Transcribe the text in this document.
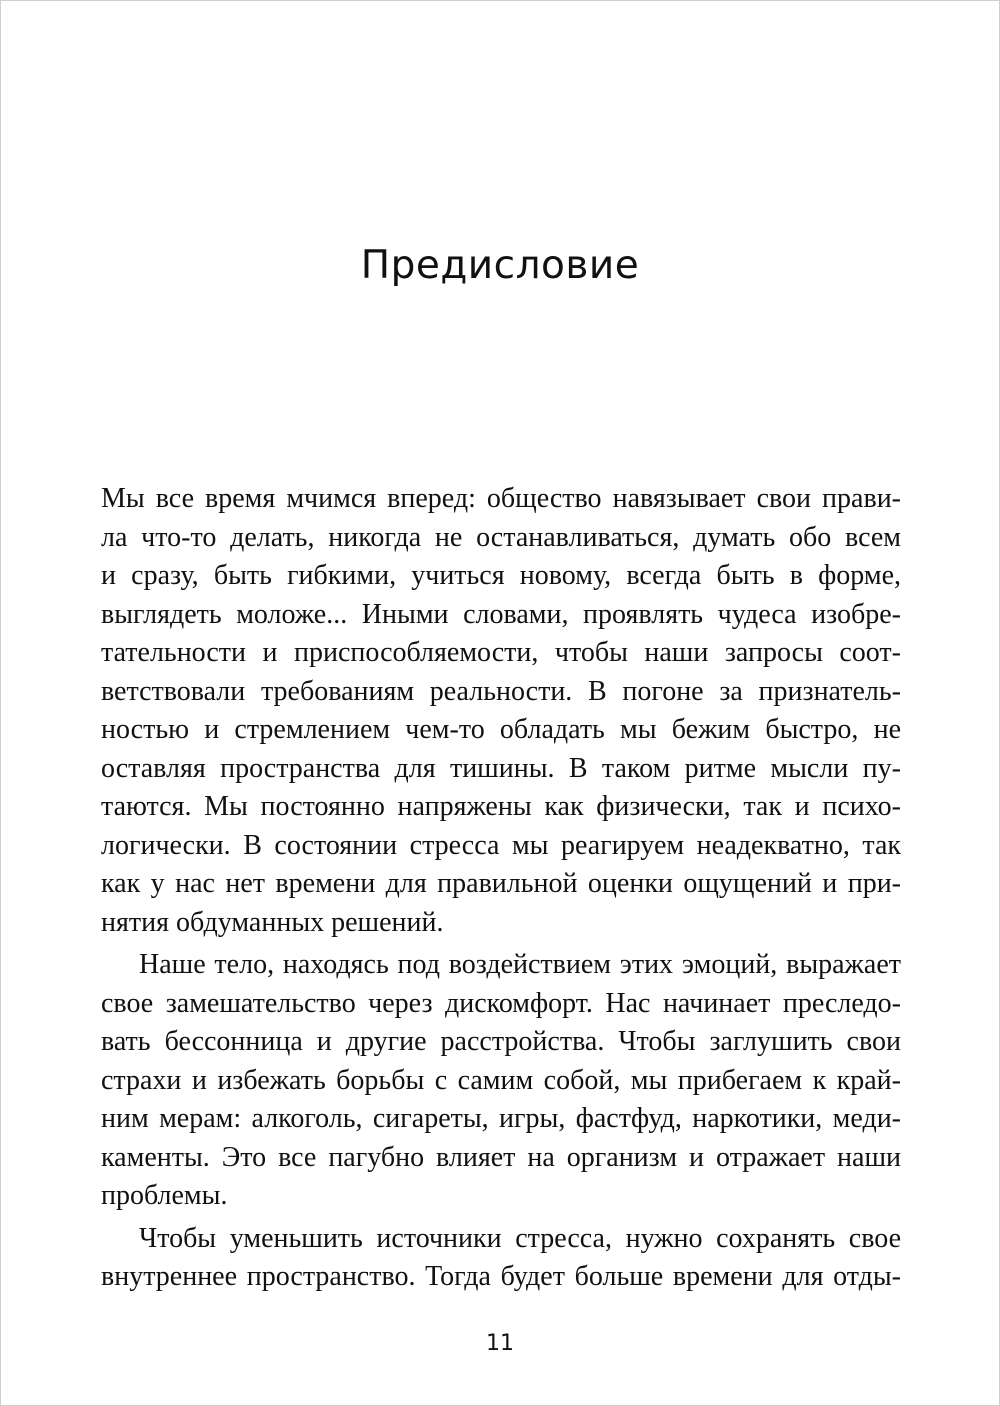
Предисловие
Мы все время мчимся вперед: общество навязывает свои прави-
ла что-то делать, никогда не останавливаться, думать обо всем
и сразу, быть гибкими, учиться новому, всегда быть в форме,
выглядеть моложе... Иными словами, проявлять чудеса изобре-
тательности и приспособляемости, чтобы наши запросы соот-
ветствовали требованиям реальности. В погоне за признатель-
ностью и стремлением чем-то обладать мы бежим быстро, не
оставляя пространства для тишины. В таком ритме мысли пу-
таются. Мы постоянно напряжены как физически, так и психо-
логически. В состоянии стресса мы реагируем неадекватно, так
как у нас нет времени для правильной оценки ощущений и при-
нятия обдуманных решений.
Наше тело, находясь под воздействием этих эмоций, выражает
свое замешательство через дискомфорт. Нас начинает преследо-
вать бессонница и другие расстройства. Чтобы заглушить свои
страхи и избежать борьбы с самим собой, мы прибегаем к край-
ним мерам: алкоголь, сигареты, игры, фастфуд, наркотики, меди-
каменты. Это все пагубно влияет на организм и отражает наши
проблемы.
Чтобы уменьшить источники стресса, нужно сохранять свое
внутреннее пространство. Тогда будет больше времени для отды-
11
